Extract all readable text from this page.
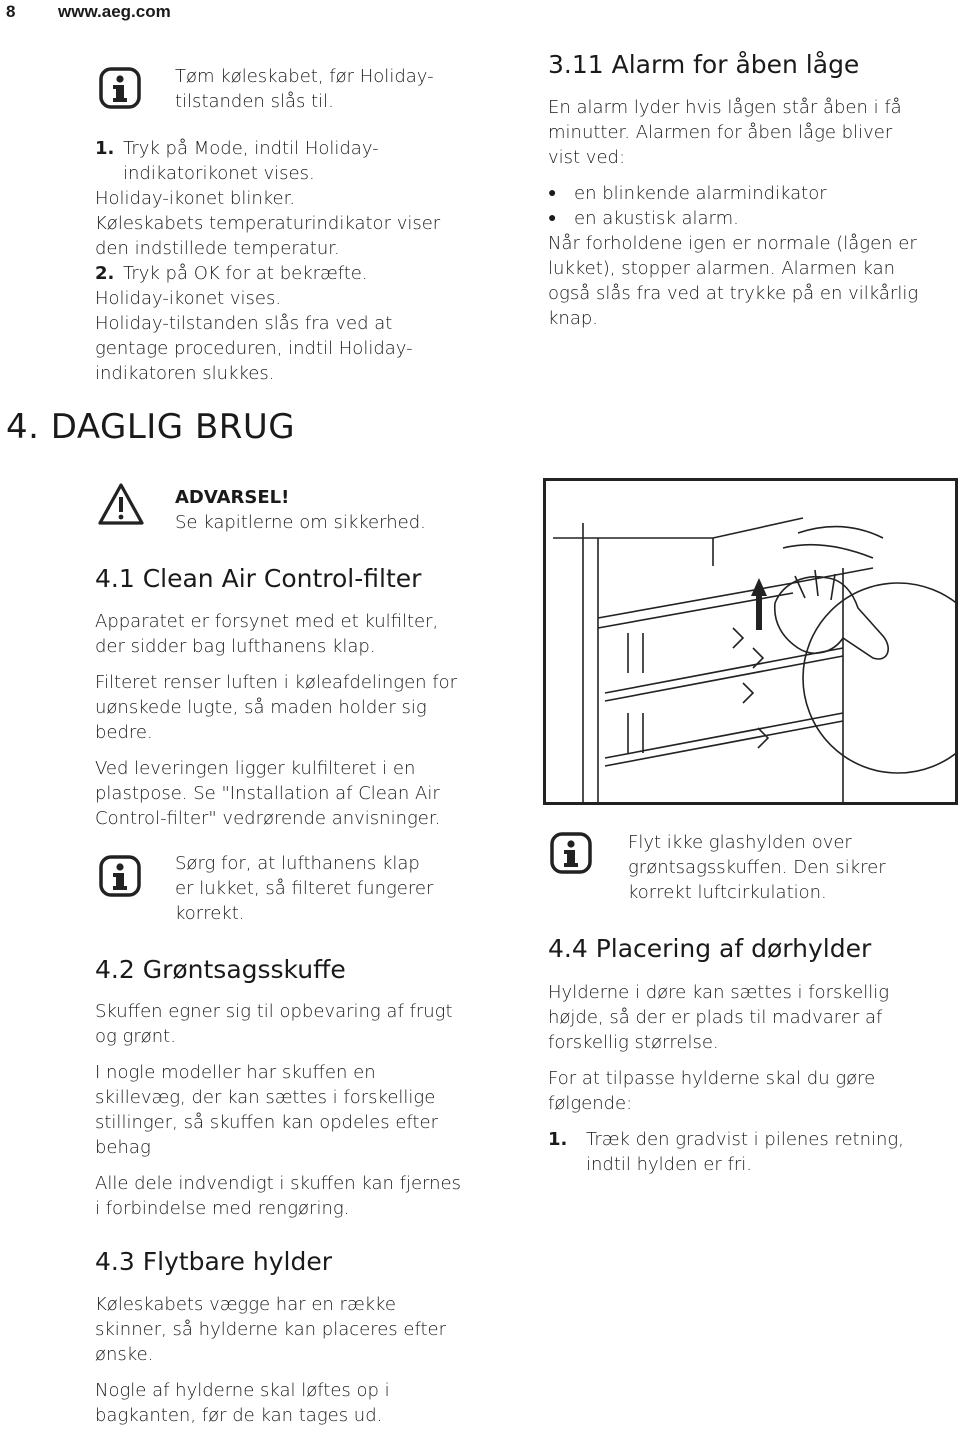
8	www.aeg.com
Tøm køleskabet, før Holiday-tilstanden slås til.
1. Tryk på Mode, indtil Holiday-
indikatorikonet vises.
Holiday-ikonet blinker.
Køleskabets temperaturindikator viser
den indstillede temperatur.
2. Tryk på OK for at bekræfte.
Holiday-ikonet vises.
Holiday-tilstanden slås fra ved at
gentage proceduren, indtil Holiday-
indikatoren slukkes.
4. DAGLIG BRUG
ADVARSEL!
Se kapitlerne om sikkerhed.
4.1 Clean Air Control-filter
Apparatet er forsynet med et kulfilter,
der sidder bag lufthanens klap.
Filteret renser luften i køleafdelingen for
uønskede lugte, så maden holder sig
bedre.
Ved leveringen ligger kulfilteret i en
plastpose. Se "Installation af Clean Air
Control-filter" vedrørende anvisninger.
Sørg for, at lufthanens klap
er lukket, så filteret fungerer
korrekt.
4.2 Grøntsagsskuffe
Skuffen egner sig til opbevaring af frugt
og grønt.
I nogle modeller har skuffen en
skillevæg, der kan sættes i forskellige
stillinger, så skuffen kan opdeles efter
behag
Alle dele indvendigt i skuffen kan fjernes
i forbindelse med rengøring.
4.3 Flytbare hylder
Køleskabets vægge har en række
skinner, så hylderne kan placeres efter
ønske.
Nogle af hylderne skal løftes op i
bagkanten, før de kan tages ud.
3.11 Alarm for åben låge
En alarm lyder hvis lågen står åben i få
minutter. Alarmen for åben låge bliver
vist ved:
● en blinkende alarmindikator
● en akustisk alarm.
Når forholdene igen er normale (lågen er
lukket), stopper alarmen. Alarmen kan
også slås fra ved at trykke på en vilkårlig
knap.
Flyt ikke glashylden over
grøntsagsskuffen. Den sikrer
korrekt luftcirkulation.
4.4 Placering af dørhylder
Hylderne i døre kan sættes i forskellig
højde, så der er plads til madvarer af
forskellig størrelse.
For at tilpasse hylderne skal du gøre
følgende:
1. Træk den gradvist i pilenes retning,
indtil hylden er fri.
